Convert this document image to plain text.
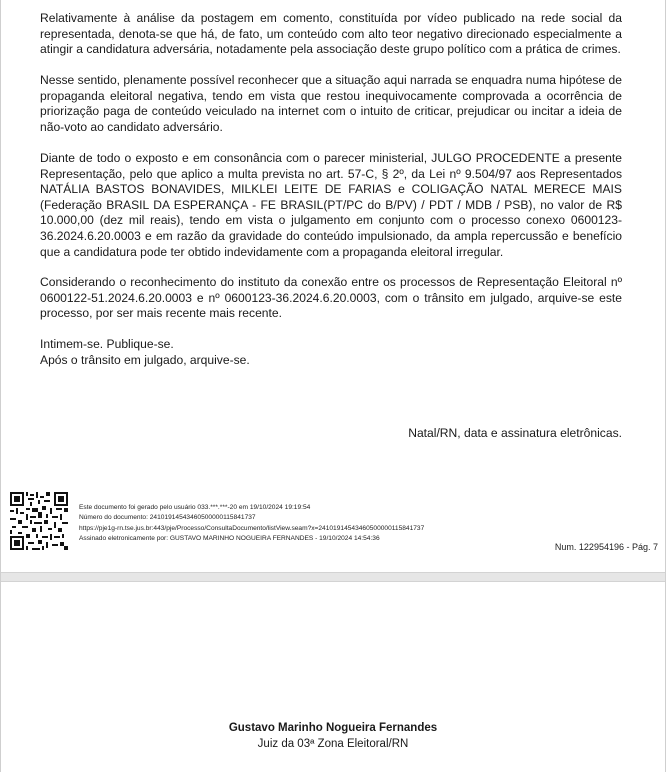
Relativamente à análise da postagem em comento, constituída por vídeo publicado na rede social da representada, denota-se que há, de fato, um conteúdo com alto teor negativo direcionado especialmente a atingir a candidatura adversária, notadamente pela associação deste grupo político com a prática de crimes.

Nesse sentido, plenamente possível reconhecer que a situação aqui narrada se enquadra numa hipótese de propaganda eleitoral negativa, tendo em vista que restou inequivocamente comprovada a ocorrência de priorização paga de conteúdo veiculado na internet com o intuito de criticar, prejudicar ou incitar a ideia de não-voto ao candidato adversário.

Diante de todo o exposto e em consonância com o parecer ministerial, JULGO PROCEDENTE a presente Representação, pelo que aplico a multa prevista no art. 57-C, § 2º, da Lei nº 9.504/97 aos Representados NATÁLIA BASTOS BONAVIDES, MILKLEI LEITE DE FARIAS e COLIGAÇÃO NATAL MERECE MAIS (Federação BRASIL DA ESPERANÇA - FE BRASIL(PT/PC do B/PV) / PDT / MDB / PSB), no valor de R$ 10.000,00 (dez mil reais), tendo em vista o julgamento em conjunto com o processo conexo 0600123-36.2024.6.20.0003 e em razão da gravidade do conteúdo impulsionado, da ampla repercussão e benefício que a candidatura pode ter obtido indevidamente com a propaganda eleitoral irregular.

Considerando o reconhecimento do instituto da conexão entre os processos de Representação Eleitoral nº 0600122-51.2024.6.20.0003 e nº 0600123-36.2024.6.20.0003, com o trânsito em julgado, arquive-se este processo, por ser mais recente mais recente.

Intimem-se. Publique-se.

Após o trânsito em julgado, arquive-se.

Natal/RN, data e assinatura eletrônicas.
Este documento foi gerado pelo usuário 033.***.***-20 em 19/10/2024 19:19:54
Número do documento: 24101914543460500000115841737
https://pje1g-rn.tse.jus.br:443/pje/Processo/ConsultaDocumento/listView.seam?x=24101914543460500000115841737
Assinado eletronicamente por: GUSTAVO MARINHO NOGUEIRA FERNANDES - 19/10/2024 14:54:36
Num. 122954196 - Pág. 7
Gustavo Marinho Nogueira Fernandes
Juiz da 03ª Zona Eleitoral/RN
